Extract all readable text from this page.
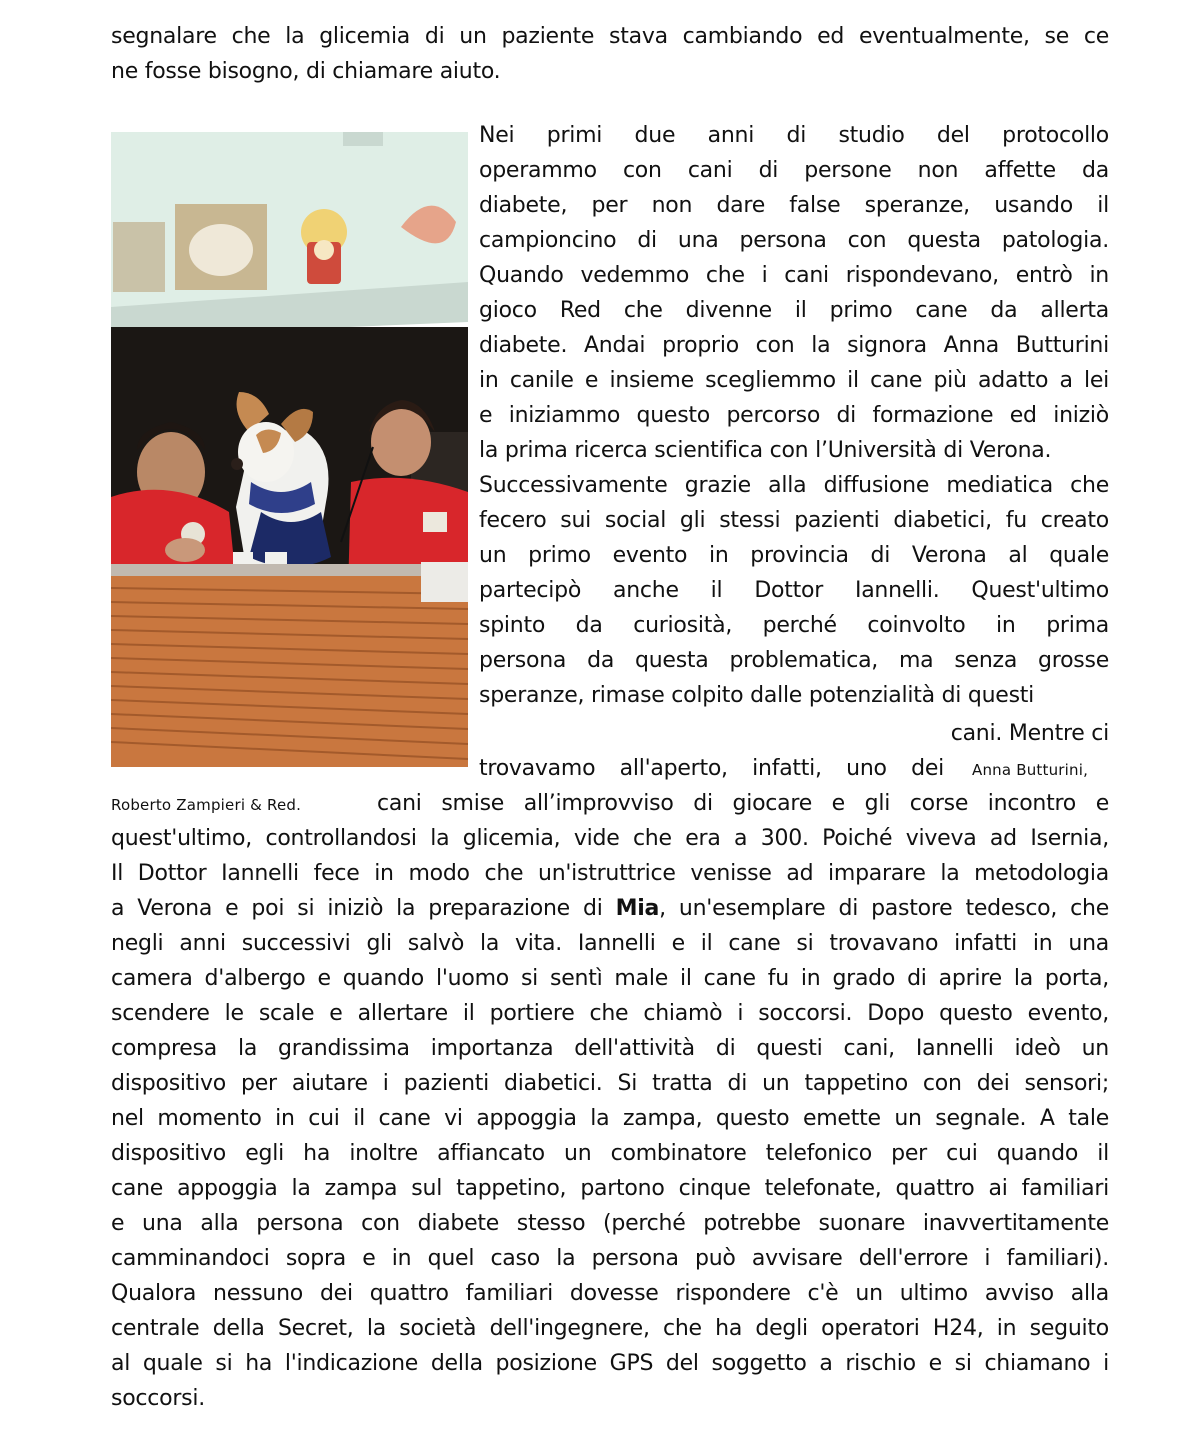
segnalare che la glicemia di un paziente stava cambiando ed eventualmente, se ce
ne fosse bisogno, di chiamare aiuto.
Nei primi due anni di studio del protocollo
operammo con cani di persone non affette da
diabete, per non dare false speranze, usando il
campioncino di una persona con questa patologia.
Quando vedemmo che i cani rispondevano, entrò in
gioco Red che divenne il primo cane da allerta
diabete. Andai proprio con la signora Anna Butturini
in canile e insieme scegliemmo il cane più adatto a lei
e iniziammo questo percorso di formazione ed iniziò
la prima ricerca scientifica con l’Università di Verona.
Successivamente grazie alla diffusione mediatica che
fecero sui social gli stessi pazienti diabetici, fu creato
un primo evento in provincia di Verona al quale
partecipò anche il Dottor Iannelli. Quest'ultimo
spinto da curiosità, perché coinvolto in prima
persona da questa problematica, ma senza grosse
speranze, rimase colpito dalle potenzialità di questi
cani. Mentre ci
trovavamo all'aperto, infatti, uno dei Anna Butturini,
Roberto Zampieri & Red.	cani smise all’improvviso di giocare e gli corse incontro e
quest'ultimo, controllandosi la glicemia, vide che era a 300. Poiché viveva ad Isernia,
Il Dottor Iannelli fece in modo che un'istruttrice venisse ad imparare la metodologia
a Verona e poi si iniziò la preparazione di Mia, un'esemplare di pastore tedesco, che
negli anni successivi gli salvò la vita. Iannelli e il cane si trovavano infatti in una
camera d'albergo e quando l'uomo si sentì male il cane fu in grado di aprire la porta,
scendere le scale e allertare il portiere che chiamò i soccorsi. Dopo questo evento,
compresa la grandissima importanza dell'attività di questi cani, Iannelli ideò un
dispositivo per aiutare i pazienti diabetici. Si tratta di un tappetino con dei sensori;
nel momento in cui il cane vi appoggia la zampa, questo emette un segnale. A tale
dispositivo egli ha inoltre affiancato un combinatore telefonico per cui quando il
cane appoggia la zampa sul tappetino, partono cinque telefonate, quattro ai familiari
e una alla persona con diabete stesso (perché potrebbe suonare inavvertitamente
camminandoci sopra e in quel caso la persona può avvisare dell'errore i familiari).
Qualora nessuno dei quattro familiari dovesse rispondere c'è un ultimo avviso alla
centrale della Secret, la società dell'ingegnere, che ha degli operatori H24, in seguito
al quale si ha l'indicazione della posizione GPS del soggetto a rischio e si chiamano i
soccorsi.
